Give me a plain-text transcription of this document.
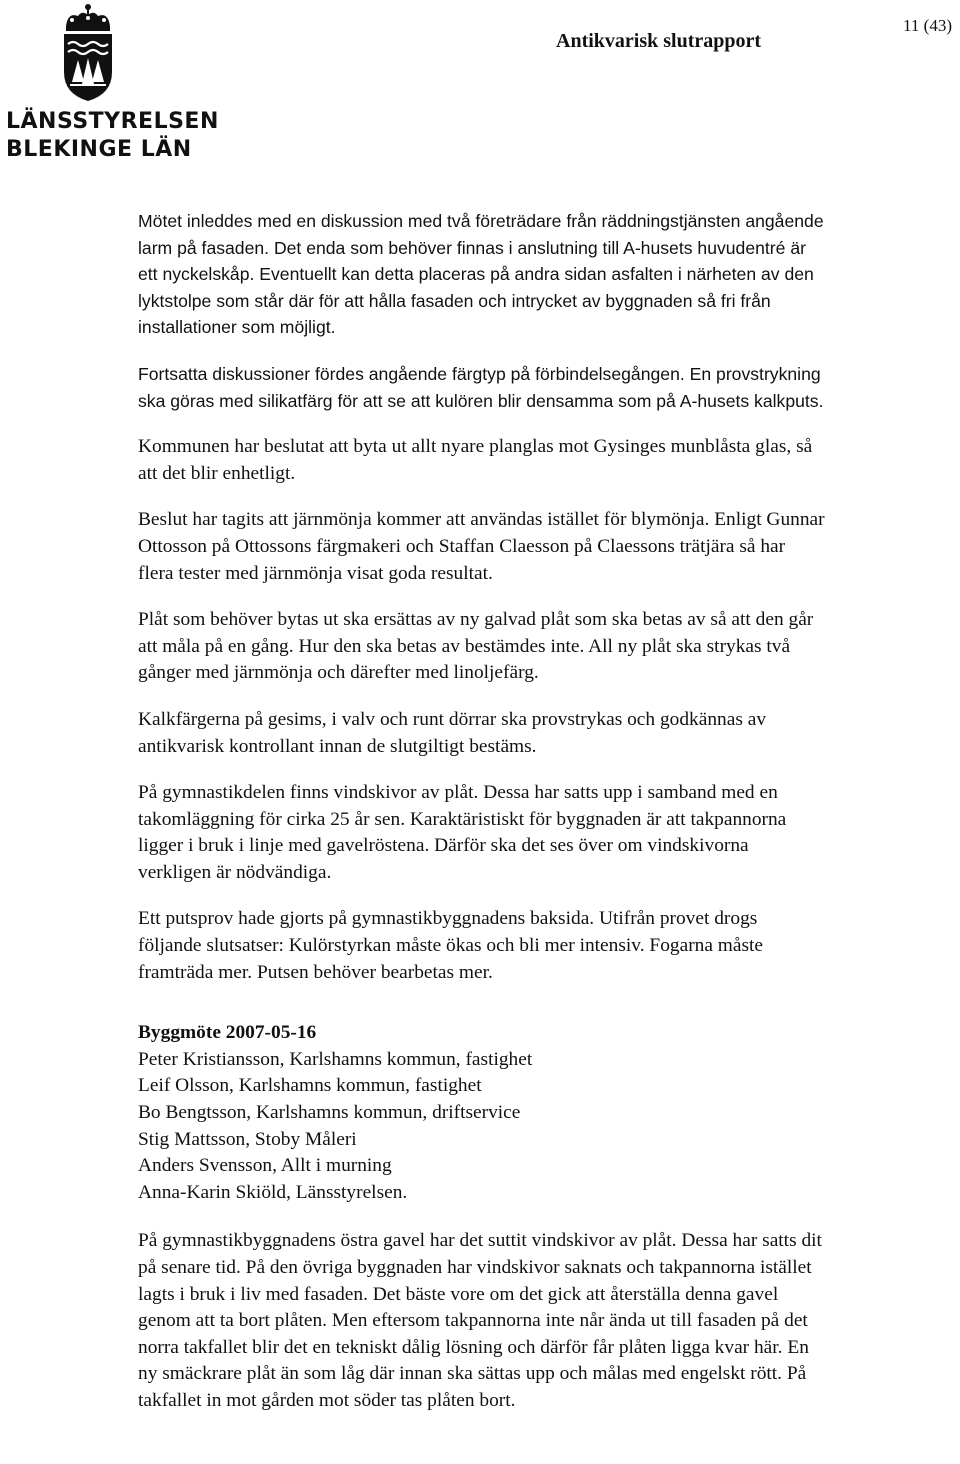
LÄNSSTYRELSEN
BLEKINGE LÄN
Antikvarisk slutrapport
11 (43)

Mötet inleddes med en diskussion med två företrädare från räddningstjänsten angående
larm på fasaden. Det enda som behöver finnas i anslutning till A-husets huvudentré är
ett nyckelskåp. Eventuellt kan detta placeras på andra sidan asfalten i närheten av den
lyktstolpe som står där för att hålla fasaden och intrycket av byggnaden så fri från
installationer som möjligt.

Fortsatta diskussioner fördes angående färgtyp på förbindelsegången. En provstrykning
ska göras med silikatfärg för att se att kulören blir densamma som på A-husets kalkputs.

Kommunen har beslutat att byta ut allt nyare planglas mot Gysinges munblåsta glas, så
att det blir enhetligt.

Beslut har tagits att järnmönja kommer att användas istället för blymönja. Enligt Gunnar
Ottosson på Ottossons färgmakeri och Staffan Claesson på Claessons trätjära så har
flera tester med järnmönja visat goda resultat.

Plåt som behöver bytas ut ska ersättas av ny galvad plåt som ska betas av så att den går
att måla på en gång. Hur den ska betas av bestämdes inte. All ny plåt ska strykas två
gånger med järnmönja och därefter med linoljefärg.

Kalkfärgerna på gesims, i valv och runt dörrar ska provstrykas och godkännas av
antikvarisk kontrollant innan de slutgiltigt bestäms.

På gymnastikdelen finns vindskivor av plåt. Dessa har satts upp i samband med en
takomläggning för cirka 25 år sen. Karaktäristiskt för byggnaden är att takpannorna
ligger i bruk i linje med gavelröstena. Därför ska det ses över om vindskivorna
verkligen är nödvändiga.

Ett putsprov hade gjorts på gymnastikbyggnadens baksida. Utifrån provet drogs
följande slutsatser: Kulörstyrkan måste ökas och bli mer intensiv. Fogarna måste
framträda mer. Putsen behöver bearbetas mer.

Byggmöte 2007-05-16
Peter Kristiansson, Karlshamns kommun, fastighet
Leif Olsson, Karlshamns kommun, fastighet
Bo Bengtsson, Karlshamns kommun, driftservice
Stig Mattsson, Stoby Måleri
Anders Svensson, Allt i murning
Anna-Karin Skiöld, Länsstyrelsen.

På gymnastikbyggnadens östra gavel har det suttit vindskivor av plåt. Dessa har satts dit
på senare tid. På den övriga byggnaden har vindskivor saknats och takpannorna istället
lagts i bruk i liv med fasaden. Det bäste vore om det gick att återställa denna gavel
genom att ta bort plåten. Men eftersom takpannorna inte når ända ut till fasaden på det
norra takfallet blir det en tekniskt dålig lösning och därför får plåten ligga kvar här. En
ny smäckrare plåt än som låg där innan ska sättas upp och målas med engelskt rött. På
takfallet in mot gården mot söder tas plåten bort.
